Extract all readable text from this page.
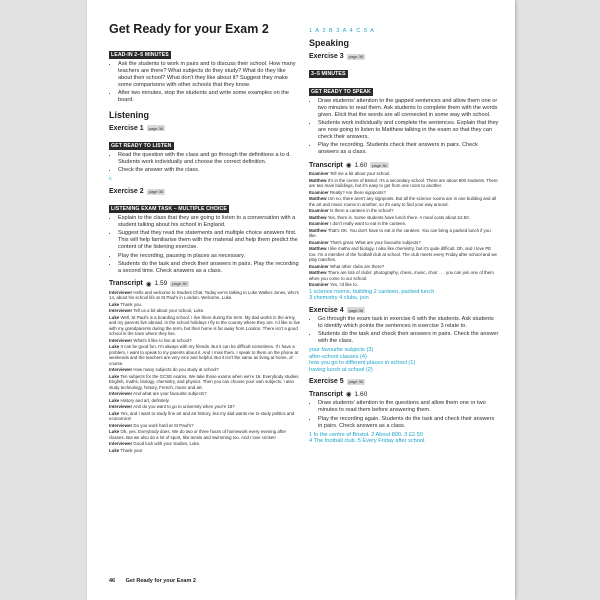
Get Ready for your Exam 2
LEAD-IN 2–5 MINUTES
• Ask the students to work in pairs and to discuss their school. How many teachers are there? What subjects do they study? What do they like about their school? What don't they like about it? Suggest they make some comparisons with other schools that they know.
• After two minutes, stop the students and write some examples on the board.
Listening
Exercise 1	page 36
GET READY TO LISTEN
• Read the question with the class and go through the definitions a to d. Students work individually and choose the correct definition.
• Check the answer with the class.
c
Exercise 2	page 36
LISTENING EXAM TASK – MULTIPLE CHOICE
• Explain to the class that they are going to listen to a conversation with a student talking about his school in England.
• Suggest that they read the statements and multiple choice answers first. This will help familiarise them with the material and help them predict the content of the listening exercise.
• Play the recording, pausing in places as necessary.
• Students do the task and check their answers in pairs. Play the recording a second time. Check answers as a class.
Transcript ◉ 1.59	page 36

Interviewer Hello and welcome to Student Chat. Today we're talking to Luke Walker-Jones, who's 14, about his school life at St Paul's in London. Welcome, Luke.

Luke Thank you.

Interviewer Tell us a bit about your school, Luke.

Luke Well, St Paul's is a boarding school. I live there during the term. My dad works in the army, and my parents live abroad. In the school holidays I fly to the country where they are. I'd like to live with my grandparents during the term, but their home is far away from London. There isn't a good school in the town where they live.

Interviewer What's it like to live at school?

Luke It can be good fun. I'm always with my friends. But it can be difficult sometimes. If I have a problem, I want to speak to my parents about it. And I miss them. I speak to them on the phone at weekends and the teachers are very nice and helpful. But it isn't the same as living at home, of course.

Interviewer How many subjects do you study at school?

Luke Ten subjects for the GCSE exams. We take those exams when we're 16. Everybody studies English, maths, biology, chemistry, and physics. Then you can choose your own subjects. I also study technology, history, French, music and art.

Interviewer And what are your favourite subjects?

Luke History and art, definitely.

Interviewer And do you want to go to university when you're 18?

Luke Yes, and I want to study fine art and art history, but my dad wants me to study politics and economics!

Interviewer Do you work hard at St Paul's?

Luke Oh, yes. Everybody does. We do two or three hours of homework every evening after classes. But we also do a lot of sport, like tennis and swimming too. And I love cricket!

Interviewer Good luck with your studies, Luke.

Luke Thank you!

1 A 2 B 3 A 4 C 5 A
Speaking
Exercise 3	page 36
3–5 MINUTES
GET READY TO SPEAK
• Draw students' attention to the gapped sentences and allow them one or two minutes to read them. Ask students to complete them with the words given. Elicit that the words are all connected in some way with school.
• Students work individually and complete the sentences. Explain that they are now going to listen to Matthew talking in the exam so that they can check their answers.
• Play the recording. Students check their answers in pairs. Check answers as a class.
Transcript ◉ 1.60	page 36

Examiner Tell me a bit about your school.

Matthew It's in the centre of Bristol. It's a secondary school. There are about 800 students. There are two main buildings, but it's easy to get from one room to another.

Examiner Really? Are there signposts?

Matthew Um no, there aren't any signposts. But all the science rooms are in one building and all the art and music rooms in another, so it's easy to find your way around.

Examiner Is there a canteen in the school?

Matthew Yes, there is. Some students have lunch there. A meal costs about £2.50.

Examiner I don't really want to eat in the canteen.

Matthew That's OK. You don't have to eat in the canteen. You can bring a packed lunch if you like.

Examiner That's great. What are your favourite subjects?

Matthew I like maths and biology. I also like chemistry, but it's quite difficult. Oh, and I love PE too. I'm a member of the football club at school. The club meets every Friday after school and we play matches.

Examiner What other clubs are there?

Matthew There are lots of clubs: photography, chess, music, choir . . . you can join one of them when you come to our school.

Examiner Yes, I'd like to.

1 science rooms, building 2 canteen, packed lunch
3 chemistry 4 clubs, join
Exercise 4	page 36
• Go through the exam task in exercise 6 with the students. Ask students to identify which points the sentences in exercise 3 relate to.
• Students do the task and check their answers in pairs. Check the answer with the class.
your favourite subjects (3)
after-school classes (4)
how you go to different places in school (1)
having lunch at school (2)
Exercise 5	page 36
Transcript ◉ 1.60
• Draw students' attention to the questions and allow them one or two minutes to read them before answering them.
• Play the recording again. Students do the task and check their answers in pairs. Check answers as a class.
1 In the centre of Bristol. 2 About 800. 3 £2.50
4 The football club. 5 Every Friday after school.
46 Get Ready for your Exam 2
